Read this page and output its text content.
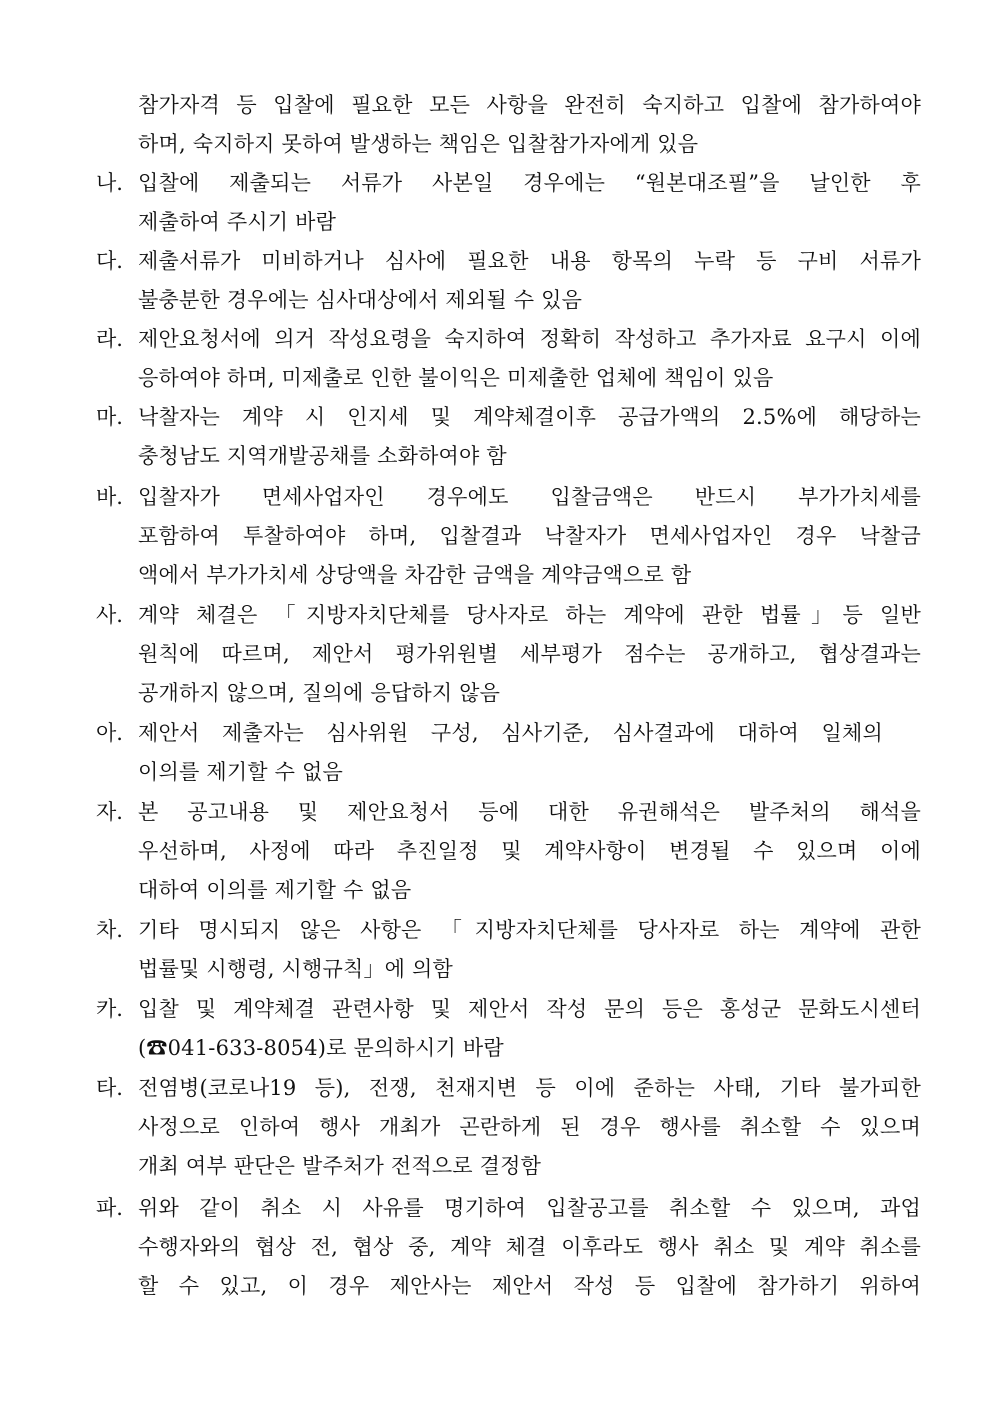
참가자격 등 입찰에 필요한 모든 사항을 완전히 숙지하고 입찰에 참가하여야
하며, 숙지하지 못하여 발생하는 책임은 입찰참가자에게 있음
나. 입찰에 제출되는 서류가 사본일 경우에는 “원본대조필”을 날인한 후
제출하여 주시기 바람
다. 제출서류가 미비하거나 심사에 필요한 내용 항목의 누락 등 구비 서류가
불충분한 경우에는 심사대상에서 제외될 수 있음
라. 제안요청서에 의거 작성요령을 숙지하여 정확히 작성하고 추가자료 요구시 이에
응하여야 하며, 미제출로 인한 불이익은 미제출한 업체에 책임이 있음
마. 낙찰자는 계약 시 인지세 및 계약체결이후 공급가액의 2.5%에 해당하는
충청남도 지역개발공채를 소화하여야 함
바. 입찰자가 면세사업자인 경우에도 입찰금액은 반드시 부가가치세를
포함하여 투찰하여야 하며, 입찰결과 낙찰자가 면세사업자인 경우 낙찰금
액에서 부가가치세 상당액을 차감한 금액을 계약금액으로 함
사. 계약 체결은 「지방자치단체를 당사자로 하는 계약에 관한 법률」등 일반
원칙에 따르며, 제안서 평가위원별 세부평가 점수는 공개하고, 협상결과는
공개하지 않으며, 질의에 응답하지 않음
아. 제안서 제출자는 심사위원 구성, 심사기준, 심사결과에 대하여 일체의
이의를 제기할 수 없음
자. 본 공고내용 및 제안요청서 등에 대한 유권해석은 발주처의 해석을
우선하며, 사정에 따라 추진일정 및 계약사항이 변경될 수 있으며 이에
대하여 이의를 제기할 수 없음
차. 기타 명시되지 않은 사항은 「지방자치단체를 당사자로 하는 계약에 관한
법률및 시행령, 시행규칙」에 의함
카. 입찰 및 계약체결 관련사항 및 제안서 작성 문의 등은 홍성군 문화도시센터
(☎041-633-8054)로 문의하시기 바람
타. 전염병(코로나19 등), 전쟁, 천재지변 등 이에 준하는 사태, 기타 불가피한
사정으로 인하여 행사 개최가 곤란하게 된 경우 행사를 취소할 수 있으며
개최 여부 판단은 발주처가 전적으로 결정함
파. 위와 같이 취소 시 사유를 명기하여 입찰공고를 취소할 수 있으며, 과업
수행자와의 협상 전, 협상 중, 계약 체결 이후라도 행사 취소 및 계약 취소를
할 수 있고, 이 경우 제안사는 제안서 작성 등 입찰에 참가하기 위하여
